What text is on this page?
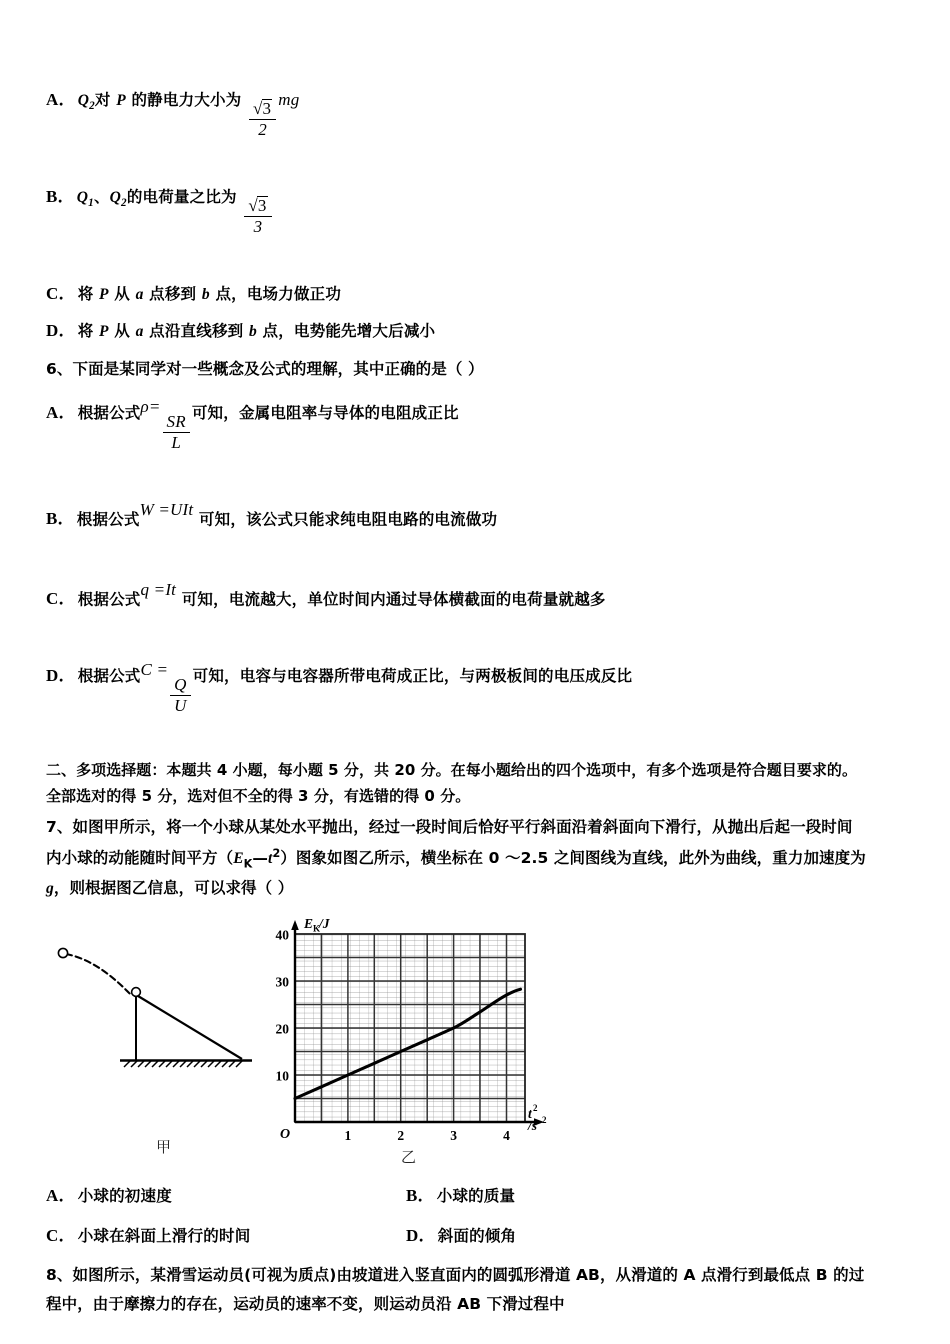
A． $Q_2$对 P 的静电力大小为 $\frac{√3}{2}$ mg
B． $Q_1$、$Q_2$的电荷量之比为 $\frac{√3}{3}$
C． 将 P 从 a 点移到 b 点，电场力做正功
D． 将 P 从 a 点沿直线移到 b 点，电势能先增大后减小
6、下面是某同学对一些概念及公式的理解，其中正确的是（ ）
A． 根据公式ρ=
$\frac{SR}{L}$
可知，金属电阻率与导体的电阻成正比
B． 根据公式W =UIt 可知，该公式只能求纯电阻电路的电流做功
C． 根据公式q =It 可知，电流越大，单位时间内通过导体横截面的电荷量就越多
D． 根据公式C =
$\frac{Q}{U}$
可知，电容与电容器所带电荷成正比，与两极板间的电压成反比
二、多项选择题：本题共 4 小题，每小题 5 分，共 20 分。在每小题给出的四个选项中，有多个选项是符合题目要求的。
全部选对的得 5 分，选对但不全的得 3 分，有选错的得 0 分。
7、如图甲所示，将一个小球从某处水平抛出，经过一段时间后恰好平行斜面沿着斜面向下滑行，从抛出后起一段时间
内小球的动能随时间平方$(E_K—t^2)$图象如图乙所示，横坐标在 0 ～2.5 之间图线为直线，此外为曲线，重力加速度为
g，则根据图乙信息，可以求得（ ）
甲
40
30
20
10
O	1	2	3	4
E K
/J
t 2
/s 2
乙
A． 小球的初速度	B． 小球的质量
C． 小球在斜面上滑行的时间	D． 斜面的倾角
8、如图所示，某滑雪运动员(可视为质点)由坡道进入竖直面内的圆弧形滑道 AB，从滑道的 A 点滑行到最低点 B 的过
程中，由于摩擦力的存在，运动员的速率不变，则运动员沿 AB 下滑过程中
